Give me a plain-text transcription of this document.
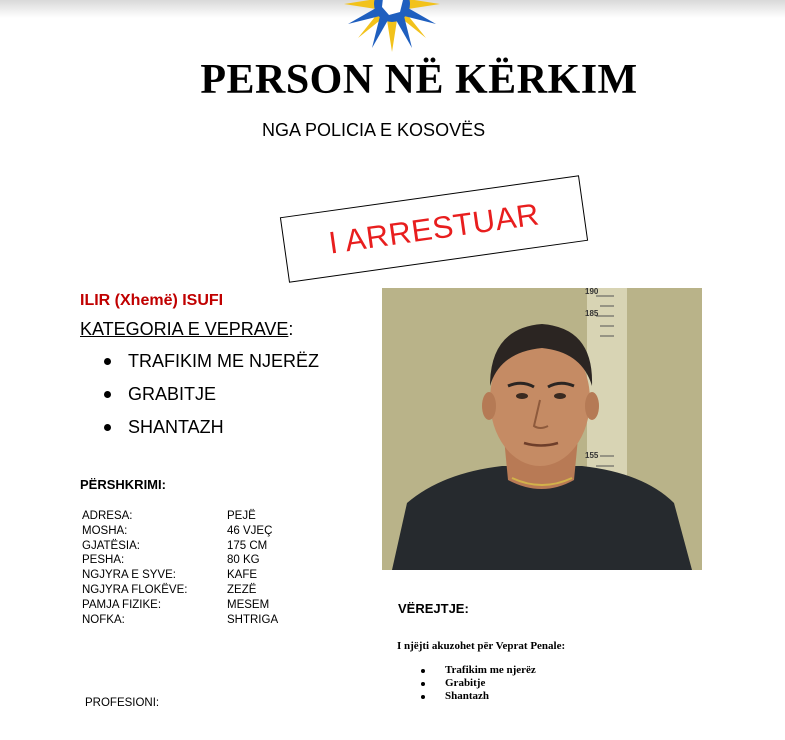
PERSON NË KËRKIM
NGA POLICIA E KOSOVËS
I ARRESTUAR
ILIR (Xhemë) ISUFI
KATEGORIA E VEPRAVE:
TRAFIKIM ME NJERËZ
GRABITJE
SHANTAZH
PËRSHKRIMI:
ADRESA:	PEJË
MOSHA:	46 VJEÇ
GJATËSIA:	175 CM
PESHA:	80 KG
NGJYRA E SYVE:	KAFE
NGJYRA FLOKËVE:	ZEZË
PAMJA FIZIKE:	MESEM
NOFKA:	SHTRIGA
PROFESIONI:
190
185
155
VËREJTJE:
I njëjti akuzohet për Veprat Penale:
Trafikim me njerëz
Grabitje
Shantazh
